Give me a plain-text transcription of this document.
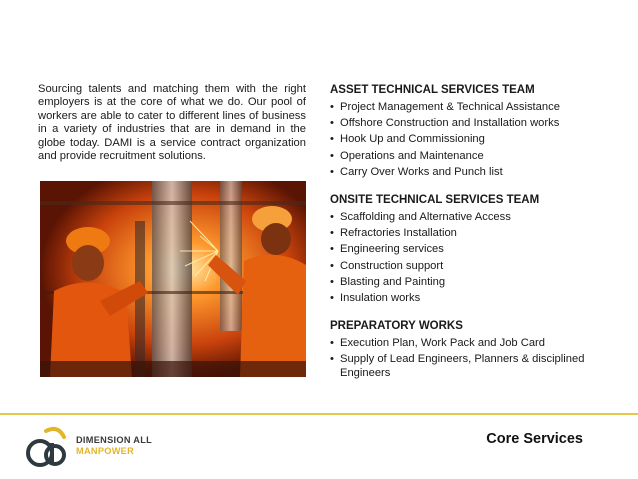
Sourcing talents and matching them with the right employers is at the core of what we do. Our pool of workers are able to cater to different lines of business in a variety of industries that are in demand in the globe today. DAMI is a service contract organization and provide recruitment solutions.

ASSET TECHNICAL SERVICES TEAM
• Project Management & Technical Assistance
• Offshore Construction and Installation works
• Hook Up and Commissioning
• Operations and Maintenance
• Carry Over Works and Punch list
ONSITE TECHNICAL SERVICES TEAM
• Scaffolding and Alternative Access
• Refractories Installation
• Engineering services
• Construction support
• Blasting and Painting
• Insulation works
PREPARATORY WORKS
• Execution Plan, Work Pack and Job Card
• Supply of Lead Engineers, Planners & disciplined Engineers
DIMENSION ALL
MANPOWER
Core Services
